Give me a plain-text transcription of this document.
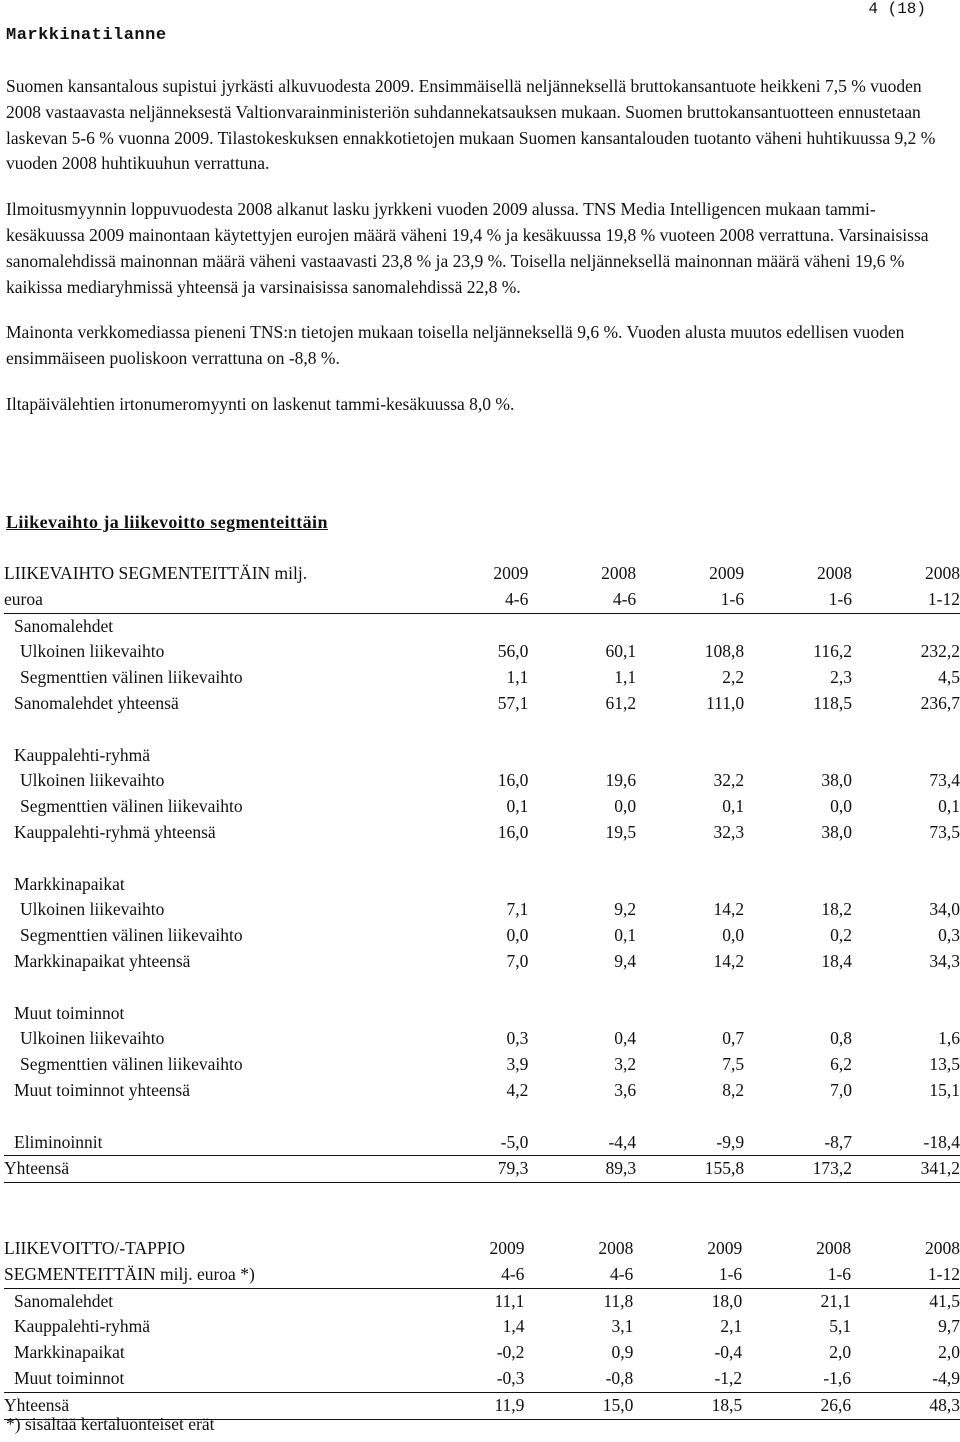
4 (18)
Markkinatilanne

Suomen kansantalous supistui jyrkästi alkuvuodesta 2009. Ensimmäisellä neljänneksellä bruttokansantuote heikkeni 7,5 % vuoden 2008 vastaavasta neljänneksestä Valtionvarainministeriön suhdannekatsauksen mukaan. Suomen bruttokansantuotteen ennustetaan laskevan 5-6 % vuonna 2009. Tilastokeskuksen ennakkotietojen mukaan Suomen kansantalouden tuotanto väheni huhtikuussa 9,2 % vuoden 2008 huhtikuuhun verrattuna.

Ilmoitusmyynnin loppuvuodesta 2008 alkanut lasku jyrkkeni vuoden 2009 alussa. TNS Media Intelligencen mukaan tammi-kesäkuussa 2009 mainontaan käytettyjen eurojen määrä väheni 19,4 % ja kesäkuussa 19,8 % vuoteen 2008 verrattuna. Varsinaisissa sanomalehdissä mainonnan määrä väheni vastaavasti 23,8 % ja 23,9 %. Toisella neljänneksellä mainonnan määrä väheni 19,6 % kaikissa mediaryhmissä yhteensä ja varsinaisissa sanomalehdissä 22,8 %.

Mainonta verkkomediassa pieneni TNS:n tietojen mukaan toisella neljänneksellä 9,6 %. Vuoden alusta muutos edellisen vuoden ensimmäiseen puoliskoon verrattuna on -8,8 %.

Iltapäivälehtien irtonumeromyynti on laskenut tammi-kesäkuussa 8,0 %.

Liikevaihto ja liikevoitto segmenteittäin
LIIKEVAIHTO SEGMENTEITTÄIN milj.	2009	2008	2009	2008	2008
euroa	4-6	4-6	1-6	1-6	1-12
Sanomalehdet					
Ulkoinen liikevaihto	56,0	60,1	108,8	116,2	232,2
Segmenttien välinen liikevaihto	1,1	1,1	2,2	2,3	4,5
Sanomalehdet yhteensä	57,1	61,2	111,0	118,5	236,7

Kauppalehti-ryhmä					
Ulkoinen liikevaihto	16,0	19,6	32,2	38,0	73,4
Segmenttien välinen liikevaihto	0,1	0,0	0,1	0,0	0,1
Kauppalehti-ryhmä yhteensä	16,0	19,5	32,3	38,0	73,5

Markkinapaikat					
Ulkoinen liikevaihto	7,1	9,2	14,2	18,2	34,0
Segmenttien välinen liikevaihto	0,0	0,1	0,0	0,2	0,3
Markkinapaikat yhteensä	7,0	9,4	14,2	18,4	34,3

Muut toiminnot					
Ulkoinen liikevaihto	0,3	0,4	0,7	0,8	1,6
Segmenttien välinen liikevaihto	3,9	3,2	7,5	6,2	13,5
Muut toiminnot yhteensä	4,2	3,6	8,2	7,0	15,1

Eliminoinnit	-5,0	-4,4	-9,9	-8,7	-18,4
Yhteensä	79,3	89,3	155,8	173,2	341,2
LIIKEVOITTO/-TAPPIO	2009	2008	2009	2008	2008
SEGMENTEITTÄIN milj. euroa *)	4-6	4-6	1-6	1-6	1-12
Sanomalehdet	11,1	11,8	18,0	21,1	41,5
Kauppalehti-ryhmä	1,4	3,1	2,1	5,1	9,7
Markkinapaikat	-0,2	0,9	-0,4	2,0	2,0
Muut toiminnot	-0,3	-0,8	-1,2	-1,6	-4,9
Yhteensä	11,9	15,0	18,5	26,6	48,3
*) sisältää kertaluonteiset erät
